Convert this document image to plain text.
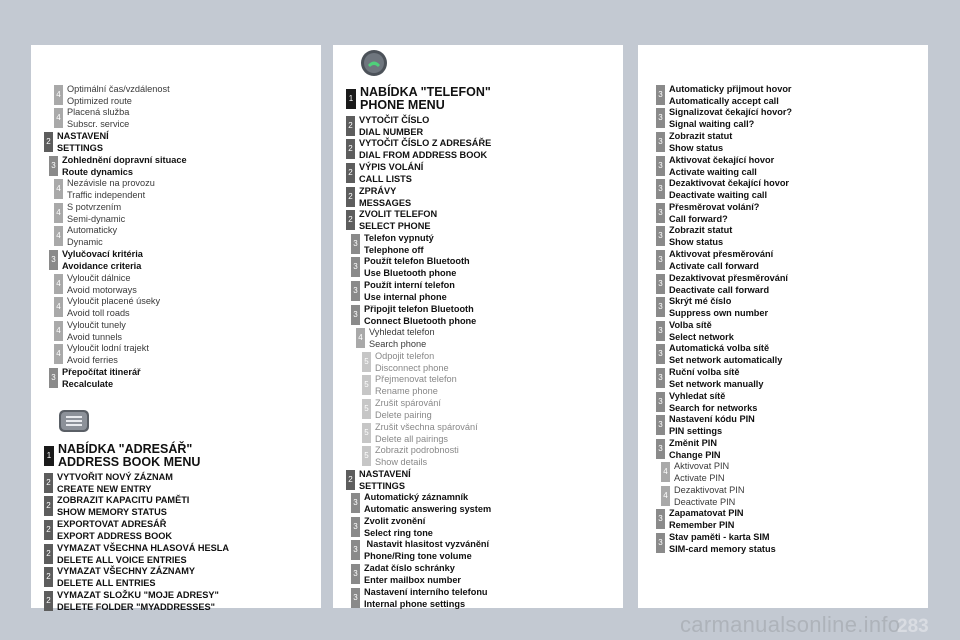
4
Optimální čas/vzdálenost
Optimized route
4
Placená služba
Subscr. service
2
NASTAVENÍ
SETTINGS
3
Zohlednění dopravní situace
Route dynamics
4
Nezávisle na provozu
Traffic independent
4
S potvrzením
Semi-dynamic
4
Automaticky
Dynamic
3
Vylučovací kritéria
Avoidance criteria
4
Vyloučit dálnice
Avoid motorways
4
Vyloučit placené úseky
Avoid toll roads
4
Vyloučit tunely
Avoid tunnels
4
Vyloučit lodní trajekt
Avoid ferries
3
Přepočítat itinerář
Recalculate
1 NABÍDKA "ADRESÁŘ"
ADDRESS BOOK MENU
2
VYTVOŘIT NOVÝ ZÁZNAM
CREATE NEW ENTRY
2
ZOBRAZIT KAPACITU PAMĚTI
SHOW MEMORY STATUS
2
EXPORTOVAT ADRESÁŘ
EXPORT ADDRESS BOOK
2
VYMAZAT VŠECHNA HLASOVÁ HESLA
DELETE ALL VOICE ENTRIES
2
VYMAZAT VŠECHNY ZÁZNAMY
DELETE ALL ENTRIES
2
VYMAZAT SLOŽKU "MOJE ADRESY"
DELETE FOLDER "MYADDRESSES"
1 NABÍDKA "TELEFON"
PHONE MENU
2
VYTOČIT ČÍSLO
DIAL NUMBER
2
VYTOČIT ČÍSLO Z ADRESÁŘE
DIAL FROM ADDRESS BOOK
2
VÝPIS VOLÁNÍ
CALL LISTS
2
ZPRÁVY
MESSAGES
2
ZVOLIT TELEFON
SELECT PHONE
3
Telefon vypnutý
Telephone off
3
Použít telefon Bluetooth
Use Bluetooth phone
3
Použít interní telefon
Use internal phone
3
Připojit telefon Bluetooth
Connect Bluetooth phone
4
Vyhledat telefon
Search phone
5
Odpojit telefon
Disconnect phone
5
Přejmenovat telefon
Rename phone
5
Zrušit spárování
Delete pairing
5
Zrušit všechna spárování
Delete all pairings
5
Zobrazit podrobnosti
Show details
2
NASTAVENÍ
SETTINGS
3
Automatický záznamník
Automatic answering system
3
Zvolit zvonění
Select ring tone
3
Nastavit hlasitost vyzvánění
Phone/Ring tone volume
3
Zadat číslo schránky
Enter mailbox number
3
Nastavení interního telefonu
Internal phone settings
3
Automaticky přijmout hovor
Automatically accept call
3
Signalizovat čekající hovor?
Signal waiting call?
3
Zobrazit statut
Show status
3
Aktivovat čekající hovor
Activate waiting call
3
Dezaktivovat čekající hovor
Deactivate waiting call
3
Přesměrovat volání?
Call forward?
3
Zobrazit statut
Show status
3
Aktivovat přesměrování
Activate call forward
3
Dezaktivovat přesměrování
Deactivate call forward
3
Skrýt mé číslo
Suppress own number
3
Volba sítě
Select network
3
Automatická volba sítě
Set network automatically
3
Ruční volba sítě
Set network manually
3
Vyhledat sítě
Search for networks
3
Nastavení kódu PIN
PIN settings
3
Změnit PIN
Change PIN
4
Aktivovat PIN
Activate PIN
4
Dezaktivovat PIN
Deactivate PIN
3
Zapamatovat PIN
Remember PIN
3
Stav paměti - karta SIM
SIM-card memory status
carmanualsonline.info
283
